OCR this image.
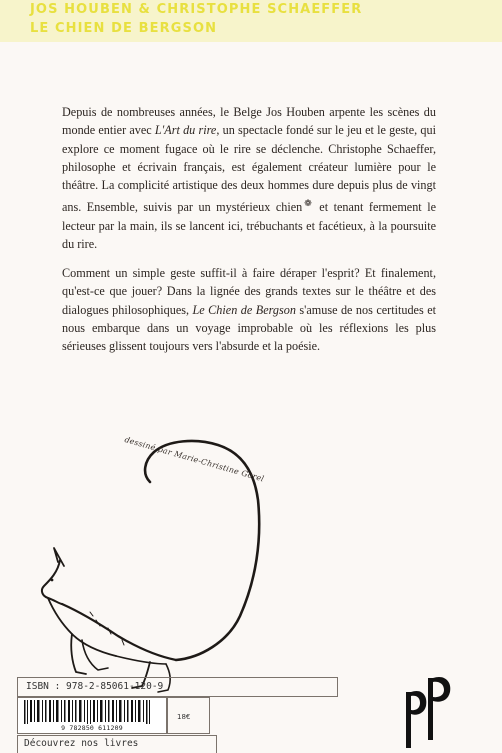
JOS HOUBEN & CHRISTOPHE SCHAEFFER
LE CHIEN DE BERGSON

Depuis de nombreuses années, le Belge Jos Houben arpente les scènes du monde entier avec L'Art du rire, un spectacle fondé sur le jeu et le geste, qui explore ce moment fugace où le rire se déclenche. Christophe Schaeffer, philosophe et écrivain français, est également créateur lumière pour le théâtre. La complicité artistique des deux hommes dure depuis plus de vingt ans. Ensemble, suivis par un mystérieux chien ❁ et tenant fermement le lecteur par la main, ils se lancent ici, trébuchants et facétieux, à la poursuite du rire.

Comment un simple geste suffit-il à faire déraper l'esprit? Et finalement, qu'est-ce que jouer? Dans la lignée des grands textes sur le théâtre et des dialogues philosophiques, Le Chien de Bergson s'amuse de nos certitudes et nous embarque dans un voyage improbable où les réflexions les plus sérieuses glissent toujours vers l'absurde et la poésie.

dessiné par Marie-Christine Gorel
ISBN : 978-2-85061-120-9
9 782850 611209
18€
Découvrez nos livres
